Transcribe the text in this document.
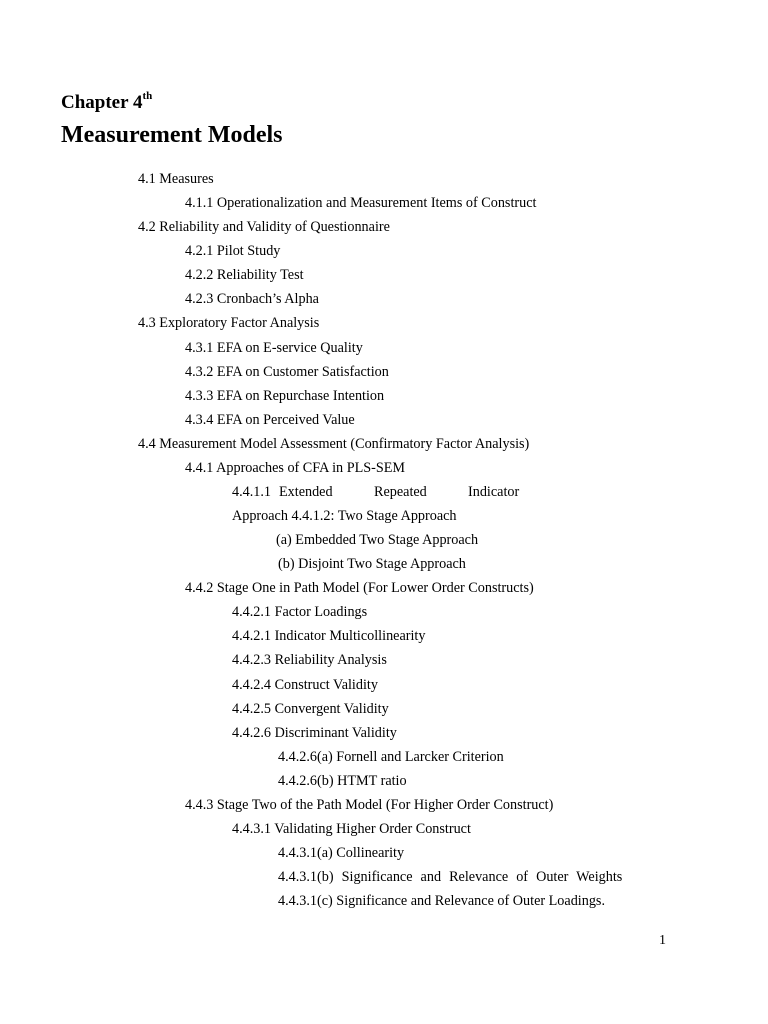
Chapter 4th
Measurement Models
4.1 Measures
4.1.1 Operationalization and Measurement Items of Construct
4.2 Reliability and Validity of Questionnaire
4.2.1 Pilot Study
4.2.2 Reliability Test
4.2.3 Cronbach’s Alpha
4.3 Exploratory Factor Analysis
4.3.1 EFA on E-service Quality
4.3.2 EFA on Customer Satisfaction
4.3.3 EFA on Repurchase Intention
4.3.4 EFA on Perceived Value
4.4 Measurement Model Assessment (Confirmatory Factor Analysis)
4.4.1 Approaches of CFA in PLS-SEM
4.4.1.1 Extended	Repeated	Indicator
Approach 4.4.1.2: Two Stage Approach
(a) Embedded Two Stage Approach
(b) Disjoint Two Stage Approach
4.4.2 Stage One in Path Model (For Lower Order Constructs)
4.4.2.1 Factor Loadings
4.4.2.1 Indicator Multicollinearity
4.4.2.3 Reliability Analysis
4.4.2.4 Construct Validity
4.4.2.5 Convergent Validity
4.4.2.6 Discriminant Validity
4.4.2.6(a) Fornell and Larcker Criterion
4.4.2.6(b) HTMT ratio
4.4.3 Stage Two of the Path Model (For Higher Order Construct)
4.4.3.1 Validating Higher Order Construct
4.4.3.1(a) Collinearity
4.4.3.1(b) Significance and Relevance of Outer Weights
4.4.3.1(c) Significance and Relevance of Outer Loadings.
1
